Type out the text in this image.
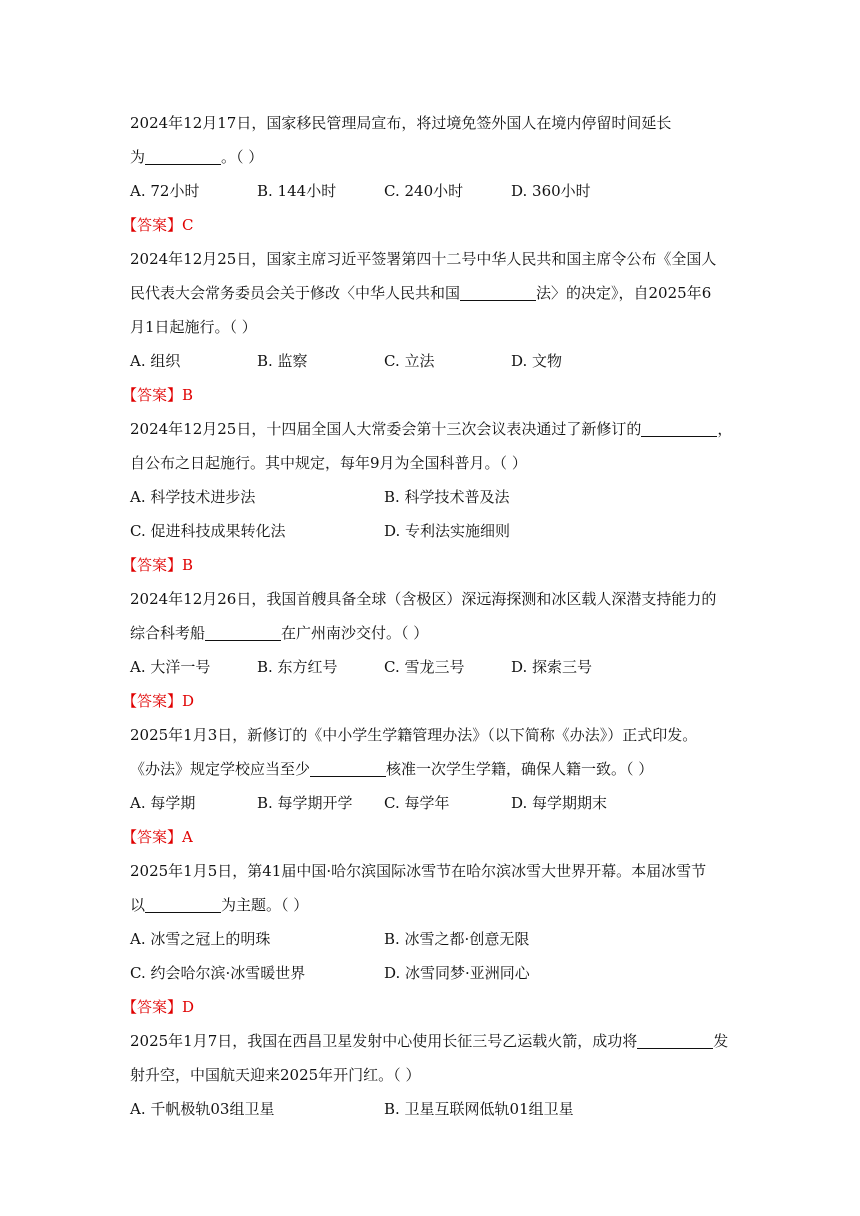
2024年12月17日，国家移民管理局宣布，将过境免签外国人在境内停留时间延长
为	。（ ）
A. 72小时	B. 144小时	C. 240小时	D. 360小时
【答案】C
2024年12月25日，国家主席习近平签署第四十二号中华人民共和国主席令公布《全国人
民代表大会常务委员会关于修改〈中华人民共和国	法〉的决定》，自2025年6
月1日起施行。（ ）
A. 组织	B. 监察	C. 立法	D. 文物
【答案】B
2024年12月25日，十四届全国人大常委会第十三次会议表决通过了新修订的	，
自公布之日起施行。其中规定，每年9月为全国科普月。（ ）
A. 科学技术进步法	B. 科学技术普及法
C. 促进科技成果转化法	D. 专利法实施细则
【答案】B
2024年12月26日，我国首艘具备全球（含极区）深远海探测和冰区载人深潜支持能力的
综合科考船	在广州南沙交付。（ ）
A. 大洋一号	B. 东方红号	C. 雪龙三号	D. 探索三号
【答案】D
2025年1月3日，新修订的《中小学生学籍管理办法》（以下简称《办法》）正式印发。
《办法》规定学校应当至少	核准一次学生学籍，确保人籍一致。（ ）
A. 每学期	B. 每学期开学	C. 每学年	D. 每学期期末
【答案】A
2025年1月5日，第41届中国·哈尔滨国际冰雪节在哈尔滨冰雪大世界开幕。本届冰雪节
以	为主题。（ ）
A. 冰雪之冠上的明珠	B. 冰雪之都·创意无限
C. 约会哈尔滨·冰雪暖世界	D. 冰雪同梦·亚洲同心
【答案】D
2025年1月7日，我国在西昌卫星发射中心使用长征三号乙运载火箭，成功将	发
射升空，中国航天迎来2025年开门红。（ ）
A. 千帆极轨03组卫星	B. 卫星互联网低轨01组卫星
